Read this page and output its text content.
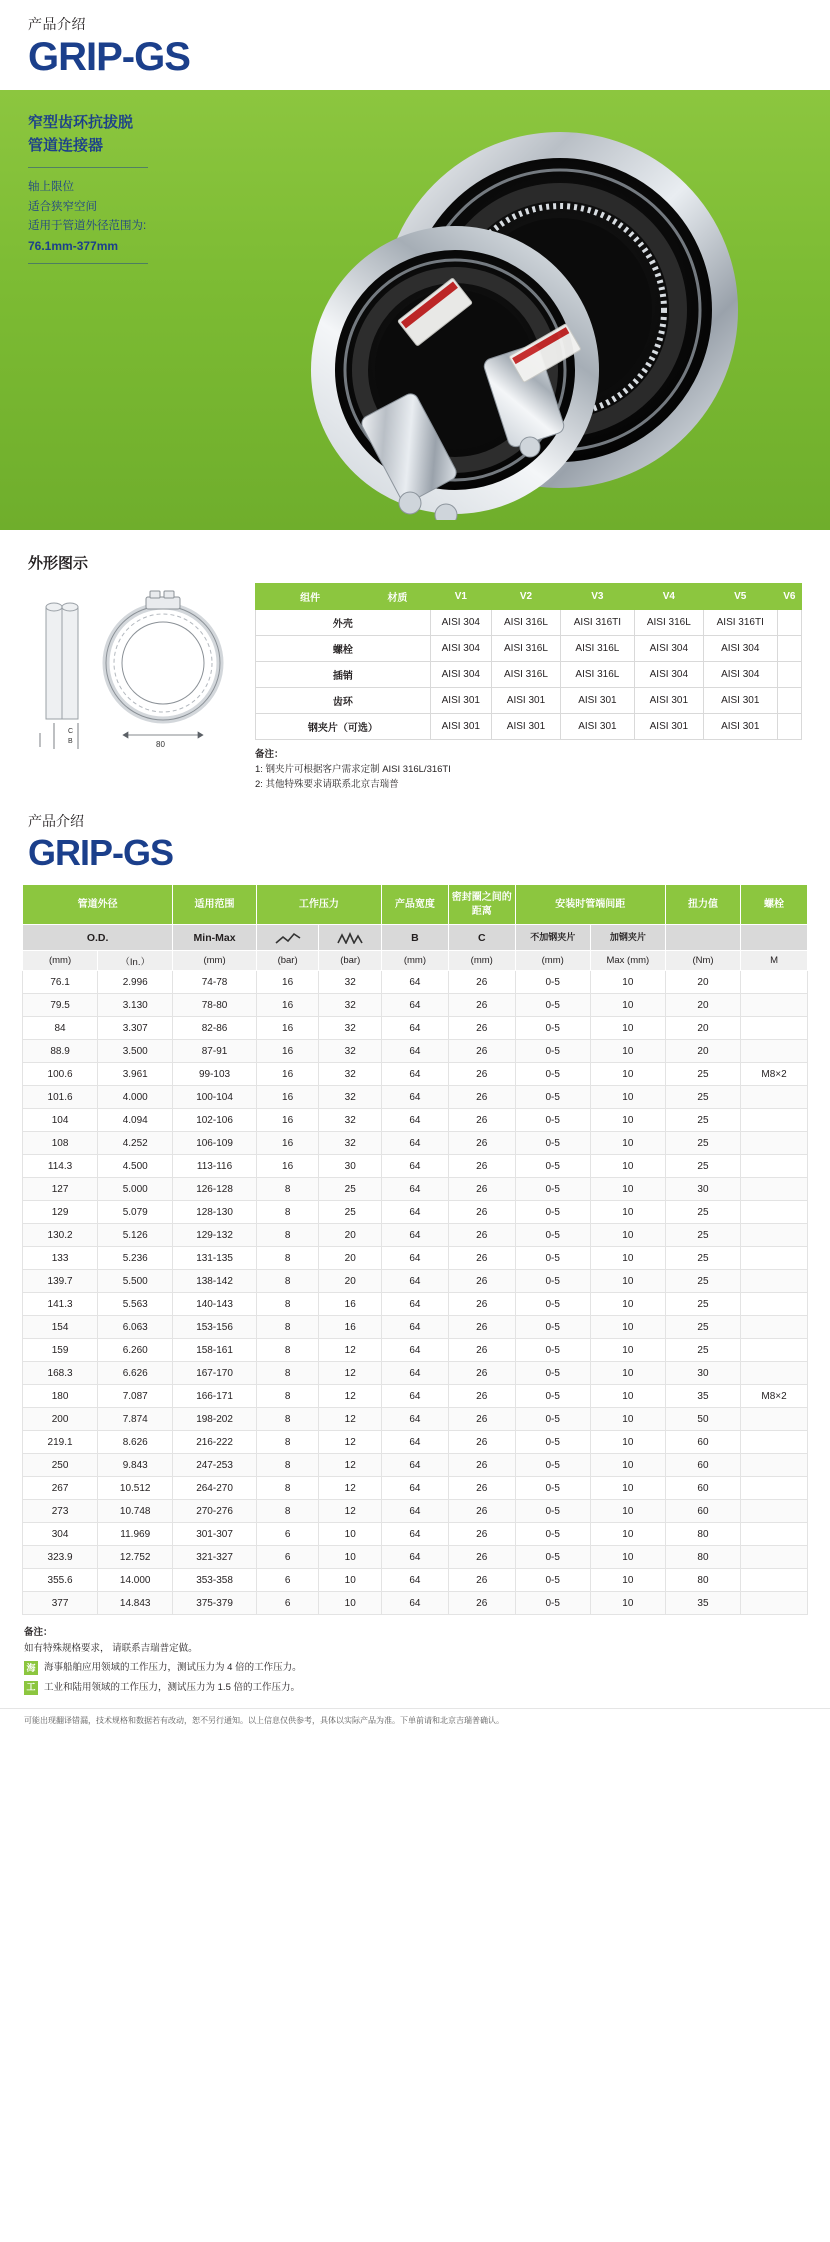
产品介绍
GRIP-GS
窄型齿环抗拔脱
管道连接器
轴上限位
适合狭窄空间
适用于管道外径范围为:
76.1mm-377mm
外形图示
C
B	80
组件	材质	V1	V2	V3	V4	V5	V6
外壳		AISI 304	AISI 316L	AISI 316TI	AISI 316L	AISI 316TI	
螺栓		AISI 304	AISI 316L	AISI 316L	AISI 304	AISI 304	
插销		AISI 304	AISI 316L	AISI 316L	AISI 304	AISI 304	
齿环		AISI 301	AISI 301	AISI 301	AISI 301	AISI 301	
钢夹片（可选）		AISI 301	AISI 301	AISI 301	AISI 301	AISI 301	
备注：
1: 钢夹片可根据客户需求定制 AISI 316L/316TI
2: 其他特殊要求请联系北京吉瑞普
产品介绍
GRIP-GS
管道外径		适用范围	工作压力		产品宽度	密封圈之间的距离	安装时管端间距		扭力值	螺栓
O.D.		Min-Max			B	C	不加钢夹片	加钢夹片		
(mm)	（In.）	(mm)	(bar)	(bar)	(mm)	(mm)	(mm)	Max (mm)	(Nm)	M
76.1	2.996	74-78	16	32	64	26	0-5	10	20	
79.5	3.130	78-80	16	32	64	26	0-5	10	20	
84	3.307	82-86	16	32	64	26	0-5	10	20	
88.9	3.500	87-91	16	32	64	26	0-5	10	20	
100.6	3.961	99-103	16	32	64	26	0-5	10	25	M8×2
101.6	4.000	100-104	16	32	64	26	0-5	10	25	
104	4.094	102-106	16	32	64	26	0-5	10	25	
108	4.252	106-109	16	32	64	26	0-5	10	25	
114.3	4.500	113-116	16	30	64	26	0-5	10	25	
127	5.000	126-128	8	25	64	26	0-5	10	30	
129	5.079	128-130	8	25	64	26	0-5	10	25	
130.2	5.126	129-132	8	20	64	26	0-5	10	25	
133	5.236	131-135	8	20	64	26	0-5	10	25	
139.7	5.500	138-142	8	20	64	26	0-5	10	25	
141.3	5.563	140-143	8	16	64	26	0-5	10	25	
154	6.063	153-156	8	16	64	26	0-5	10	25	
159	6.260	158-161	8	12	64	26	0-5	10	25	
168.3	6.626	167-170	8	12	64	26	0-5	10	30	
180	7.087	166-171	8	12	64	26	0-5	10	35	M8×2
200	7.874	198-202	8	12	64	26	0-5	10	50	
219.1	8.626	216-222	8	12	64	26	0-5	10	60	
250	9.843	247-253	8	12	64	26	0-5	10	60	
267	10.512	264-270	8	12	64	26	0-5	10	60	
273	10.748	270-276	8	12	64	26	0-5	10	60	
304	11.969	301-307	6	10	64	26	0-5	10	80	
323.9	12.752	321-327	6	10	64	26	0-5	10	80	
355.6	14.000	353-358	6	10	64	26	0-5	10	80	
377	14.843	375-379	6	10	64	26	0-5	10	35	
备注：
如有特殊规格要求， 请联系吉瑞普定做。
海 海事船舶应用领域的工作压力，测试压力为 4 倍的工作压力。
工 工业和陆用领域的工作压力，测试压力为 1.5 倍的工作压力。
可能出现翻译错漏，技术规格和数据若有改动，恕不另行通知。以上信息仅供参考，具体以实际产品为准。下单前请和北京吉瑞普确认。
